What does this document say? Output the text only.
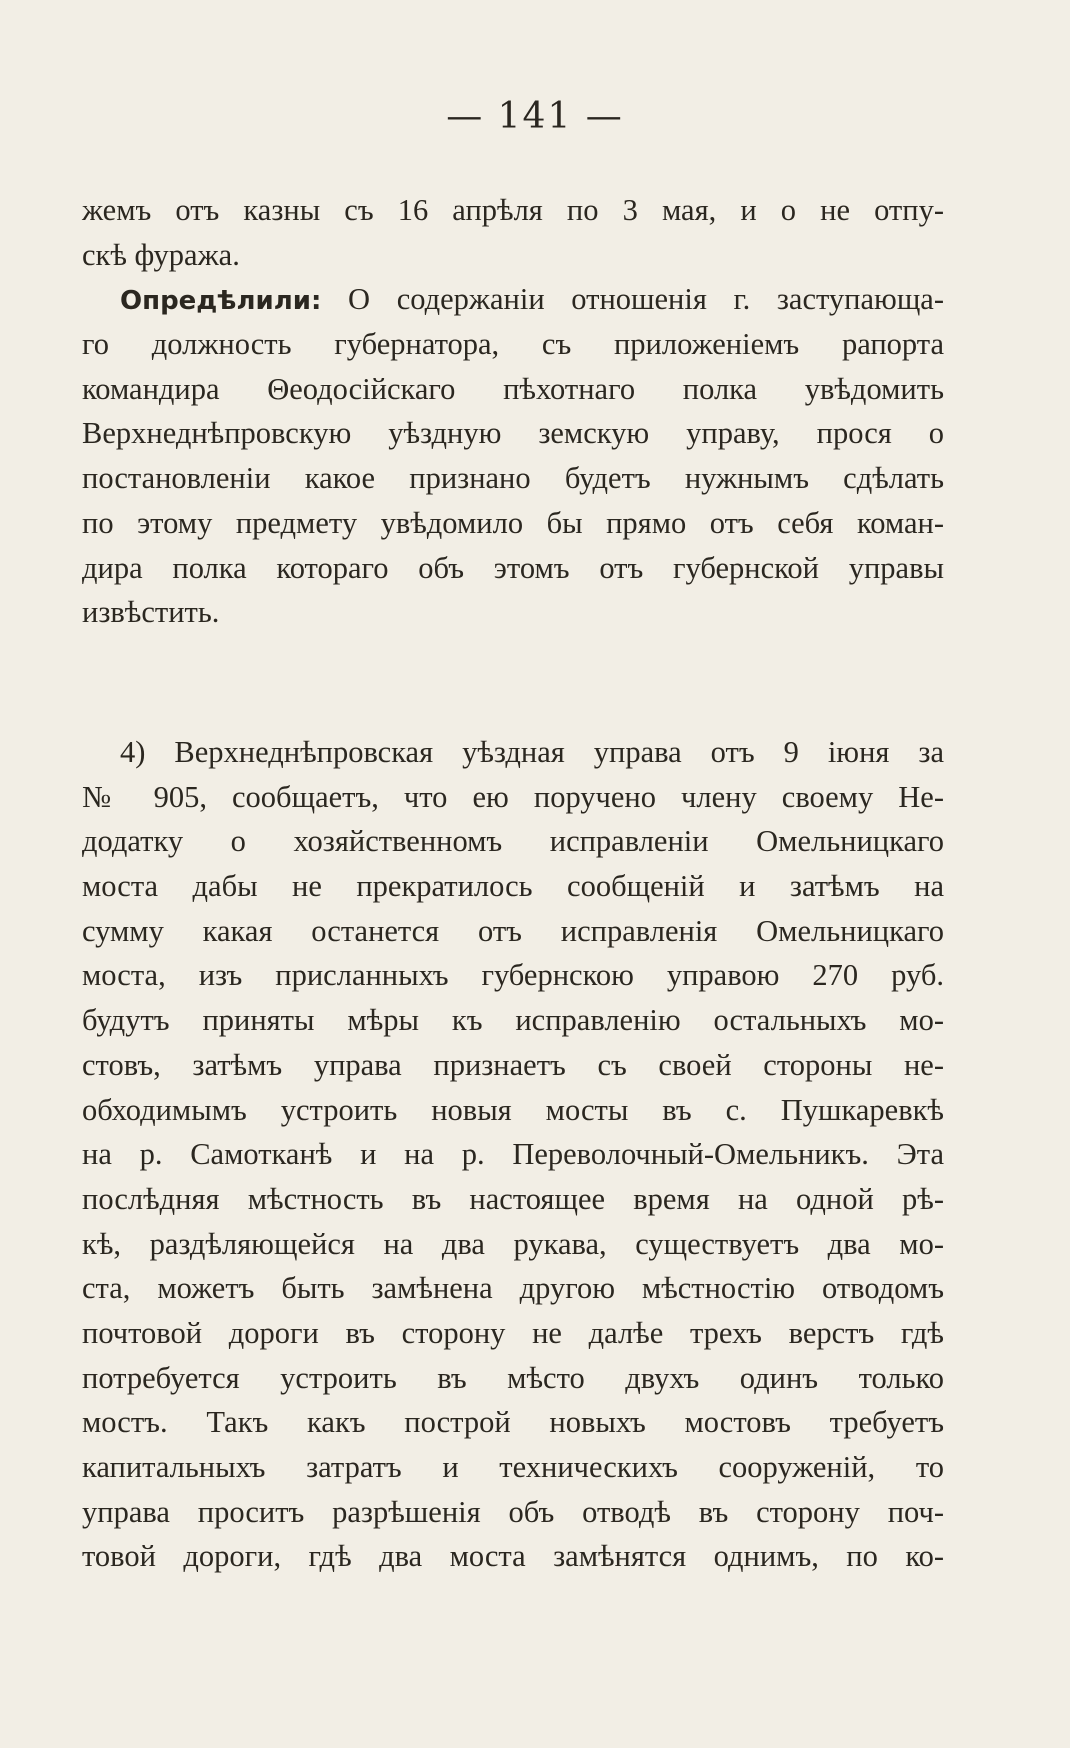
— 141 —
жемъ отъ казны съ 16 апрѣля по 3 мая, и о не отпу-
скѣ фуража.
Опредѣлили: О содержанiи отношенiя г. заступающа-
го должность губернатора, съ приложенiемъ рапорта
командира Θеодосiйскаго пѣхотнаго полка увѣдомить
Верхнеднѣпровскую уѣздную земскую управу, прося о
постановленiи какое признано будетъ нужнымъ сдѣлать
по этому предмету увѣдомило бы прямо отъ себя коман-
дира полка котораго объ этомъ отъ губернской управы
извѣстить.
4) Верхнеднѣпровская уѣздная управа отъ 9 iюня за
№ 905, сообщаетъ, что ею поручено члену своему Не-
додатку о хозяйственномъ исправленiи Омельницкаго
моста дабы не прекратилось сообщенiй и затѣмъ на
сумму какая останется отъ исправленiя Омельницкаго
моста, изъ присланныхъ губернскою управою 270 руб.
будутъ приняты мѣры къ исправленiю остальныхъ мо-
стовъ, затѣмъ управа признаетъ съ своей стороны не-
обходимымъ устроить новыя мосты въ с. Пушкаревкѣ
на р. Самотканѣ и на р. Переволочный-Омельникъ. Эта
послѣдняя мѣстность въ настоящее время на одной рѣ-
кѣ, раздѣляющейся на два рукава, существуетъ два мо-
ста, можетъ быть замѣнена другою мѣстностiю отводомъ
почтовой дороги въ сторону не далѣе трехъ верстъ гдѣ
потребуется устроить въ мѣсто двухъ одинъ только
мостъ. Такъ какъ построй новыхъ мостовъ требуетъ
капитальныхъ затратъ и техническихъ сооруженiй, то
управа проситъ разрѣшенiя объ отводѣ въ сторону поч-
товой дороги, гдѣ два моста замѣнятся однимъ, по ко-
